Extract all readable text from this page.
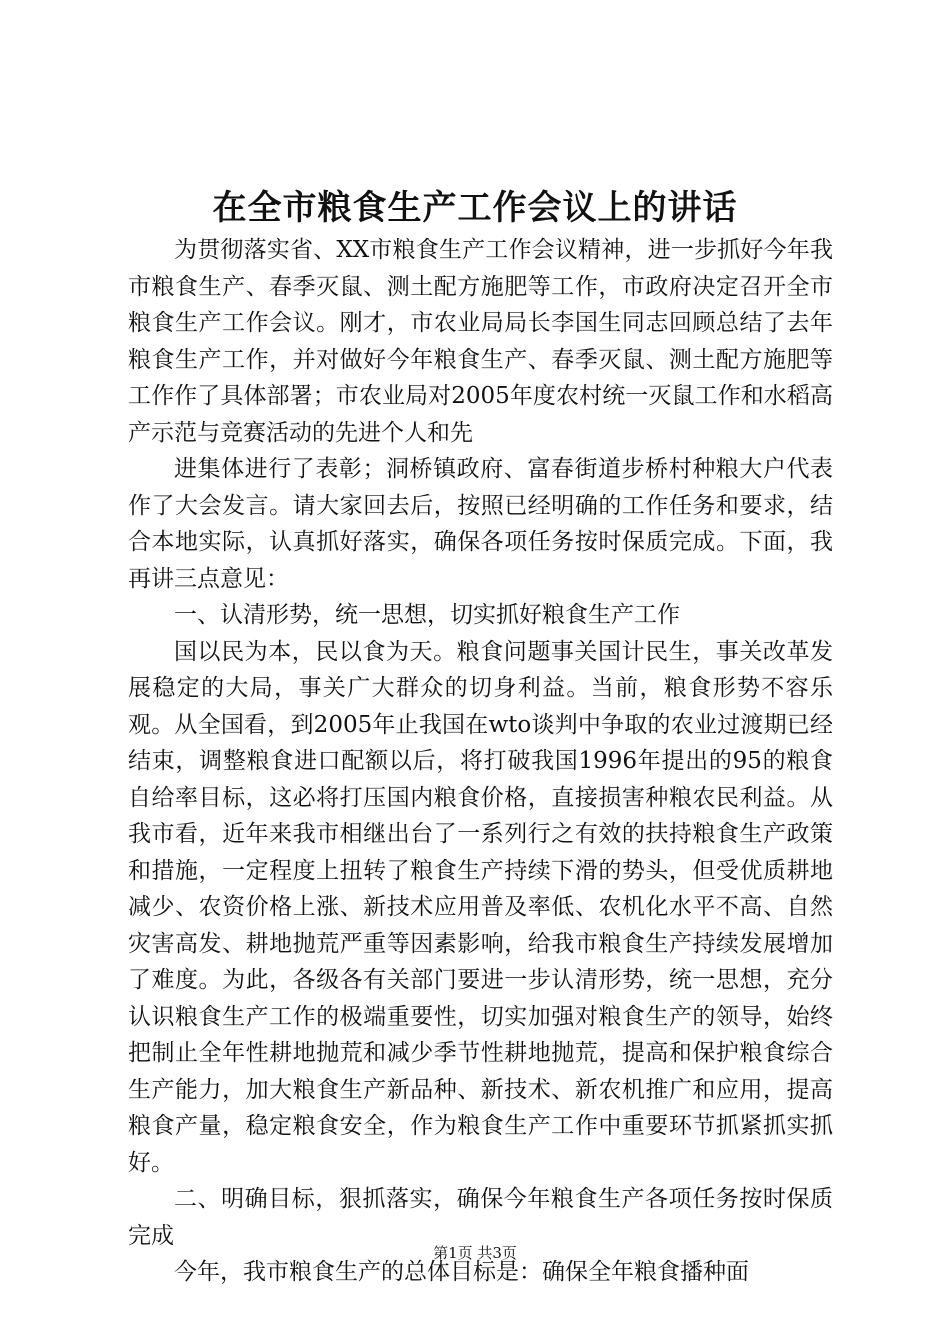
在全市粮食生产工作会议上的讲话

为贯彻落实省、XX市粮食生产工作会议精神，进一步抓好今年我市粮食生产、春季灭鼠、测土配方施肥等工作，市政府决定召开全市粮食生产工作会议。刚才，市农业局局长李国生同志回顾总结了去年粮食生产工作，并对做好今年粮食生产、春季灭鼠、测土配方施肥等工作作了具体部署；市农业局对2005年度农村统一灭鼠工作和水稻高产示范与竞赛活动的先进个人和先

进集体进行了表彰；洞桥镇政府、富春街道步桥村种粮大户代表作了大会发言。请大家回去后，按照已经明确的工作任务和要求，结合本地实际，认真抓好落实，确保各项任务按时保质完成。下面，我再讲三点意见：

一、认清形势，统一思想，切实抓好粮食生产工作

国以民为本，民以食为天。粮食问题事关国计民生，事关改革发展稳定的大局，事关广大群众的切身利益。当前，粮食形势不容乐观。从全国看，到2005年止我国在wto谈判中争取的农业过渡期已经结束，调整粮食进口配额以后，将打破我国1996年提出的95的粮食自给率目标，这必将打压国内粮食价格，直接损害种粮农民利益。从我市看，近年来我市相继出台了一系列行之有效的扶持粮食生产政策和措施，一定程度上扭转了粮食生产持续下滑的势头，但受优质耕地减少、农资价格上涨、新技术应用普及率低、农机化水平不高、自然灾害高发、耕地抛荒严重等因素影响，给我市粮食生产持续发展增加了难度。为此，各级各有关部门要进一步认清形势，统一思想，充分认识粮食生产工作的极端重要性，切实加强对粮食生产的领导，始终把制止全年性耕地抛荒和减少季节性耕地抛荒，提高和保护粮食综合生产能力，加大粮食生产新品种、新技术、新农机推广和应用，提高粮食产量，稳定粮食安全，作为粮食生产工作中重要环节抓紧抓实抓好。

二、明确目标，狠抓落实，确保今年粮食生产各项任务按时保质完成

今年，我市粮食生产的总体目标是：确保全年粮食播种面

第1页 共3页
